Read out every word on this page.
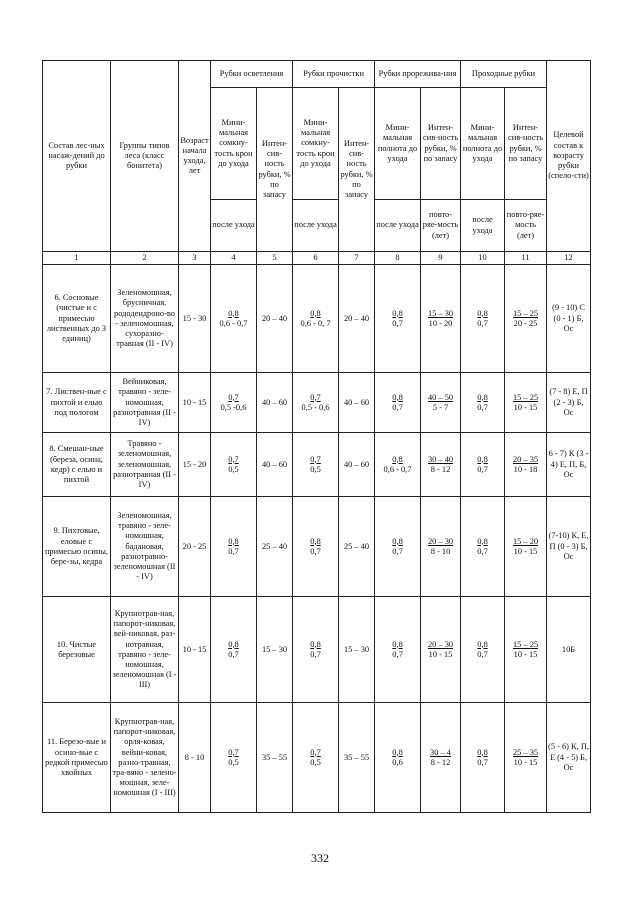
Состав лес-ных насаж-дений до рубки	Группы типов леса (класс бонитета)	Возраст начала ухода, лет	Рубки осветления		Рубки прочистки		Рубки прорежива-ния		Проходные рубки		Целевой состав к возрасту рубки (спело-сти)
			Мини-мальная сомкну-тость крон до ухода	Интен-сив-ность рубки, % по запасу	Мини-мальная сомкну-тость крон до ухода	Интен-сив-ность рубки, % по запасу	Мини-мальная полнота до ухода	Интен-сив-ность рубки, % по запасу	Мини-мальная полнота до ухода	Интен-сив-ность рубки, % по запасу	
			после ухода		после ухода		после ухода	повто-ряе-мость (лет)	после ухода	повто-ряе-мость (лет)	
1	2	3	4	5	6	7	8	9	10	11	12
6. Сосновые (чистые и с примесью лиственных до 3 единиц)	Зеленомошная, брусничная, рододендроно-во - зеленомошная, сухоразно-травная (II - IV)	15 - 30	$\frac{0,8}{0,6 - 0,7}$	20 – 40	$\frac{0,8}{0,6 - 0, 7}$	20 – 40	$\frac{0,8}{0,7}$	$\frac{15 - 30}{10 - 20}$	$\frac{0,8}{0,7}$	$\frac{15 - 25}{20 - 25}$	(9 - 10) С (0 - 1) Б, Ос
7. Листвен-ные с пихтой и елью под пологом	Вейниковая, травяно - зеле-номошная, разнотравная (II - IV)	10 - 15	$\frac{0,7}{0,5 -0,6}$	40 – 60	$\frac{0,7}{0,5 - 0,6}$	40 – 60	$\frac{0,8}{0,7}$	$\frac{40 - 50}{5 - 7}$	$\frac{0,8}{0,7}$	$\frac{15 - 25}{10 - 15}$	(7 - 8) Е, П (2 - 3) Б, Ос
8. Смешан-ные (береза, осина, кедр) с елью и пихтой	Травяно - зеленомошная, зеленомошная, разнотравная (II - IV)	15 - 20	$\frac{0,7}{0,5}$	40 – 60	$\frac{0,7}{0,5}$	40 – 60	$\frac{0,8}{0,6 - 0,7}$	$\frac{30 - 40}{8 - 12}$	$\frac{0,8}{0,7}$	$\frac{20 - 35}{10 - 18}$	6 - 7) К (3 - 4) Е, П, Б, Ос
9. Пихтовые, еловые с примесью осины, бере-зы, кедра	Зеленомошная, травяно - зеле-номошная, бадановая, разнотравно-зеленомошная (II - IV)	20 - 25	$\frac{0,8}{0,7}$	25 – 40	$\frac{0,8}{0,7}$	25 – 40	$\frac{0,8}{0,7}$	$\frac{20 - 30}{8 - 10}$	$\frac{0,8}{0,7}$	$\frac{15 - 20}{10 - 15}$	(7-10) К, Е, П (0 - 3) Б, Ос
10. Чистые березовые	Крупнотрав-ная, папорот-никовая, вей-никовая, раз-нотравная, травяно - зеле-номошная, зеленомошная (I - III)	10 - 15	$\frac{0,8}{0,7}$	15 – 30	$\frac{0,8}{0,7}$	15 – 30	$\frac{0,8}{0,7}$	$\frac{20 - 30}{10 - 15}$	$\frac{0,8}{0,7}$	$\frac{15 - 25}{10 - 15}$	10Б
11. Березо-вые и осино-вые с редкой примесью хвойных	Крупнотрав-ная, папорот-никовая, орля-ковая, вейни-ковая, разно-травная, тра-вяно - зелено-мошная, зеле-номошная (I - III)	8 - 10	$\frac{0,7}{0,5}$	35 – 55	$\frac{0,7}{0,5}$	35 – 55	$\frac{0,8}{0,6}$	$\frac{30 - 4}{8 - 12}$	$\frac{0,8}{0,7}$	$\frac{25 - 35}{10 - 15}$	(5 - 6) К, П, Е (4 - 5) Б, Ос
332
